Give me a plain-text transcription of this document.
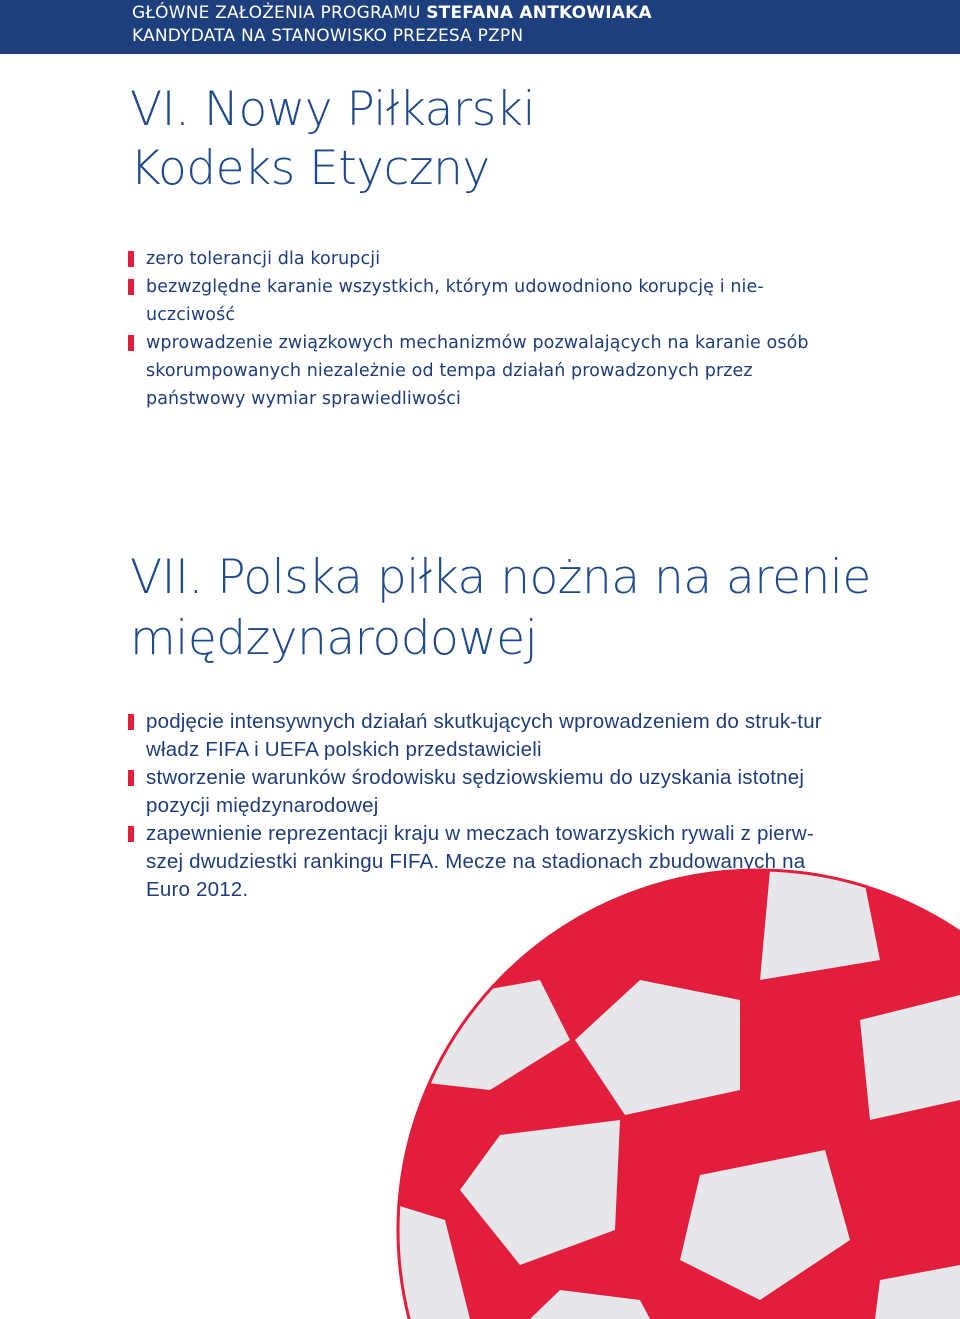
GŁÓWNE ZAŁOŻENIA PROGRAMU STEFANA ANTKOWIAKA
KANDYDATA NA STANOWISKO PREZESA PZPN
VI. Nowy Piłkarski
Kodeks Etyczny
zero tolerancji dla korupcji
bezwzględne karanie wszystkich, którym udowodniono korupcję i nie-uczciwość
wprowadzenie związkowych mechanizmów pozwalających na karanie osób skorumpowanych niezależnie od tempa działań prowadzonych przez państwowy wymiar sprawiedliwości
VII. Polska piłka nożna na arenie
międzynarodowej
podjęcie intensywnych działań skutkujących wprowadzeniem do struk-tur władz FIFA i UEFA polskich przedstawicieli
stworzenie warunków środowisku sędziowskiemu do uzyskania istotnej pozycji międzynarodowej
zapewnienie reprezentacji kraju w meczach towarzyskich rywali z pierw-szej dwudziestki rankingu FIFA. Mecze na stadionach zbudowanych na Euro 2012.
